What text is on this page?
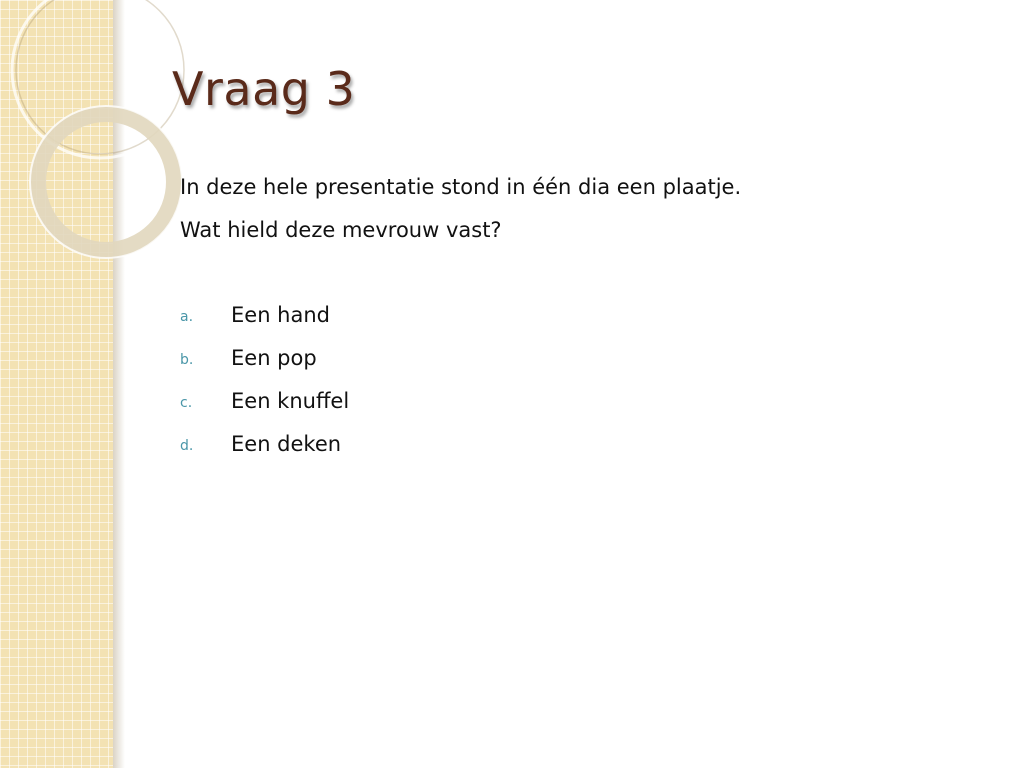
Vraag 3

In deze hele presentatie stond in één dia een plaatje.

Wat hield deze mevrouw vast?

a. Een hand
b. Een pop
c. Een knuffel
d. Een deken
